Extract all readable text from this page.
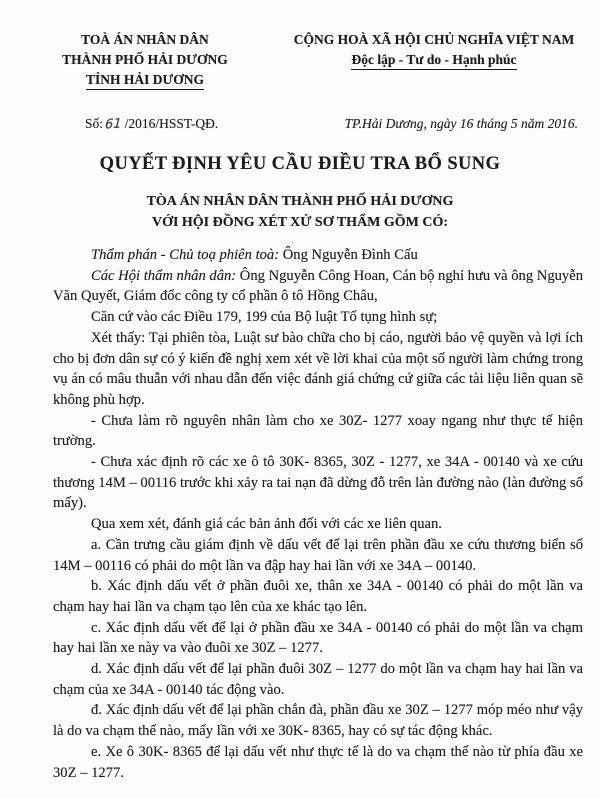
TOÀ ÁN NHÂN DÂN
THÀNH PHỐ HẢI DƯƠNG
TỈNH HẢI DƯƠNG
CỘNG HOÀ XÃ HỘI CHỦ NGHĨA VIỆT NAM
Độc lập - Tư do - Hạnh phúc
Số:61 /2016/HSST-QĐ.	TP.Hải Dương, ngày 16 tháng 5 năm 2016.
QUYẾT ĐỊNH YÊU CẦU ĐIỀU TRA BỔ SUNG
TÒA ÁN NHÂN DÂN THÀNH PHỐ HẢI DƯƠNG
VỚI HỘI ĐỒNG XÉT XỬ SƠ THẨM GỒM CÓ:

Thẩm phán - Chủ toạ phiên toà: Ông Nguyễn Đình Cấu

Các Hội thẩm nhân dân: Ông Nguyễn Công Hoan, Cán bộ nghỉ hưu và ông Nguyễn Văn Quyết, Giám đốc công ty cổ phần ô tô Hồng Châu,

Căn cứ vào các Điều 179, 199 của Bộ luật Tố tụng hình sự;

Xét thấy: Tại phiên tòa, Luật sư bào chữa cho bị cáo, người bảo vệ quyền và lợi ích cho bị đơn dân sự có ý kiến đề nghị xem xét về lời khai của một số người làm chứng trong vụ án có mâu thuẫn với nhau dẫn đến việc đánh giá chứng cứ giữa các tài liệu liên quan sẽ không phù hợp.

- Chưa làm rõ nguyên nhân làm cho xe 30Z- 1277 xoay ngang như thực tế hiện trường.

- Chưa xác định rõ các xe ô tô 30K- 8365, 30Z - 1277, xe 34A - 00140 và xe cứu thương 14M – 00116 trước khi xảy ra tai nạn đã dừng đỗ trên làn đường nào (làn đường số mấy).

Qua xem xét, đánh giá các bản ảnh đối với các xe liên quan.

a. Cần trưng cầu giám định về dấu vết để lại trên phần đầu xe cứu thương biển số 14M – 00116 có phải do một lần va đập hay hai lần với xe 34A – 00140.

b. Xác định dấu vết ở phần đuôi xe, thân xe 34A - 00140 có phải do một lần va chạm hay hai lần va chạm tạo lên của xe khác tạo lên.

c. Xác định dấu vết để lại ở phần đầu xe 34A - 00140 có phải do một lần va chạm hay hai lần xe này va vào đuôi xe 30Z – 1277.

d. Xác định dấu vết để lại phần đuôi 30Z – 1277 do một lần va chạm hay hai lần va chạm của xe 34A - 00140 tác động vào.

đ. Xác định dấu vết để lại phần chắn đà, phần đầu xe 30Z – 1277 móp méo như vậy là do va chạm thế nào, mấy lần với xe 30K- 8365, hay có sự tác động khác.

e. Xe ô 30K- 8365 để lại dấu vết như thực tế là do va chạm thế nào từ phía đầu xe 30Z – 1277.
